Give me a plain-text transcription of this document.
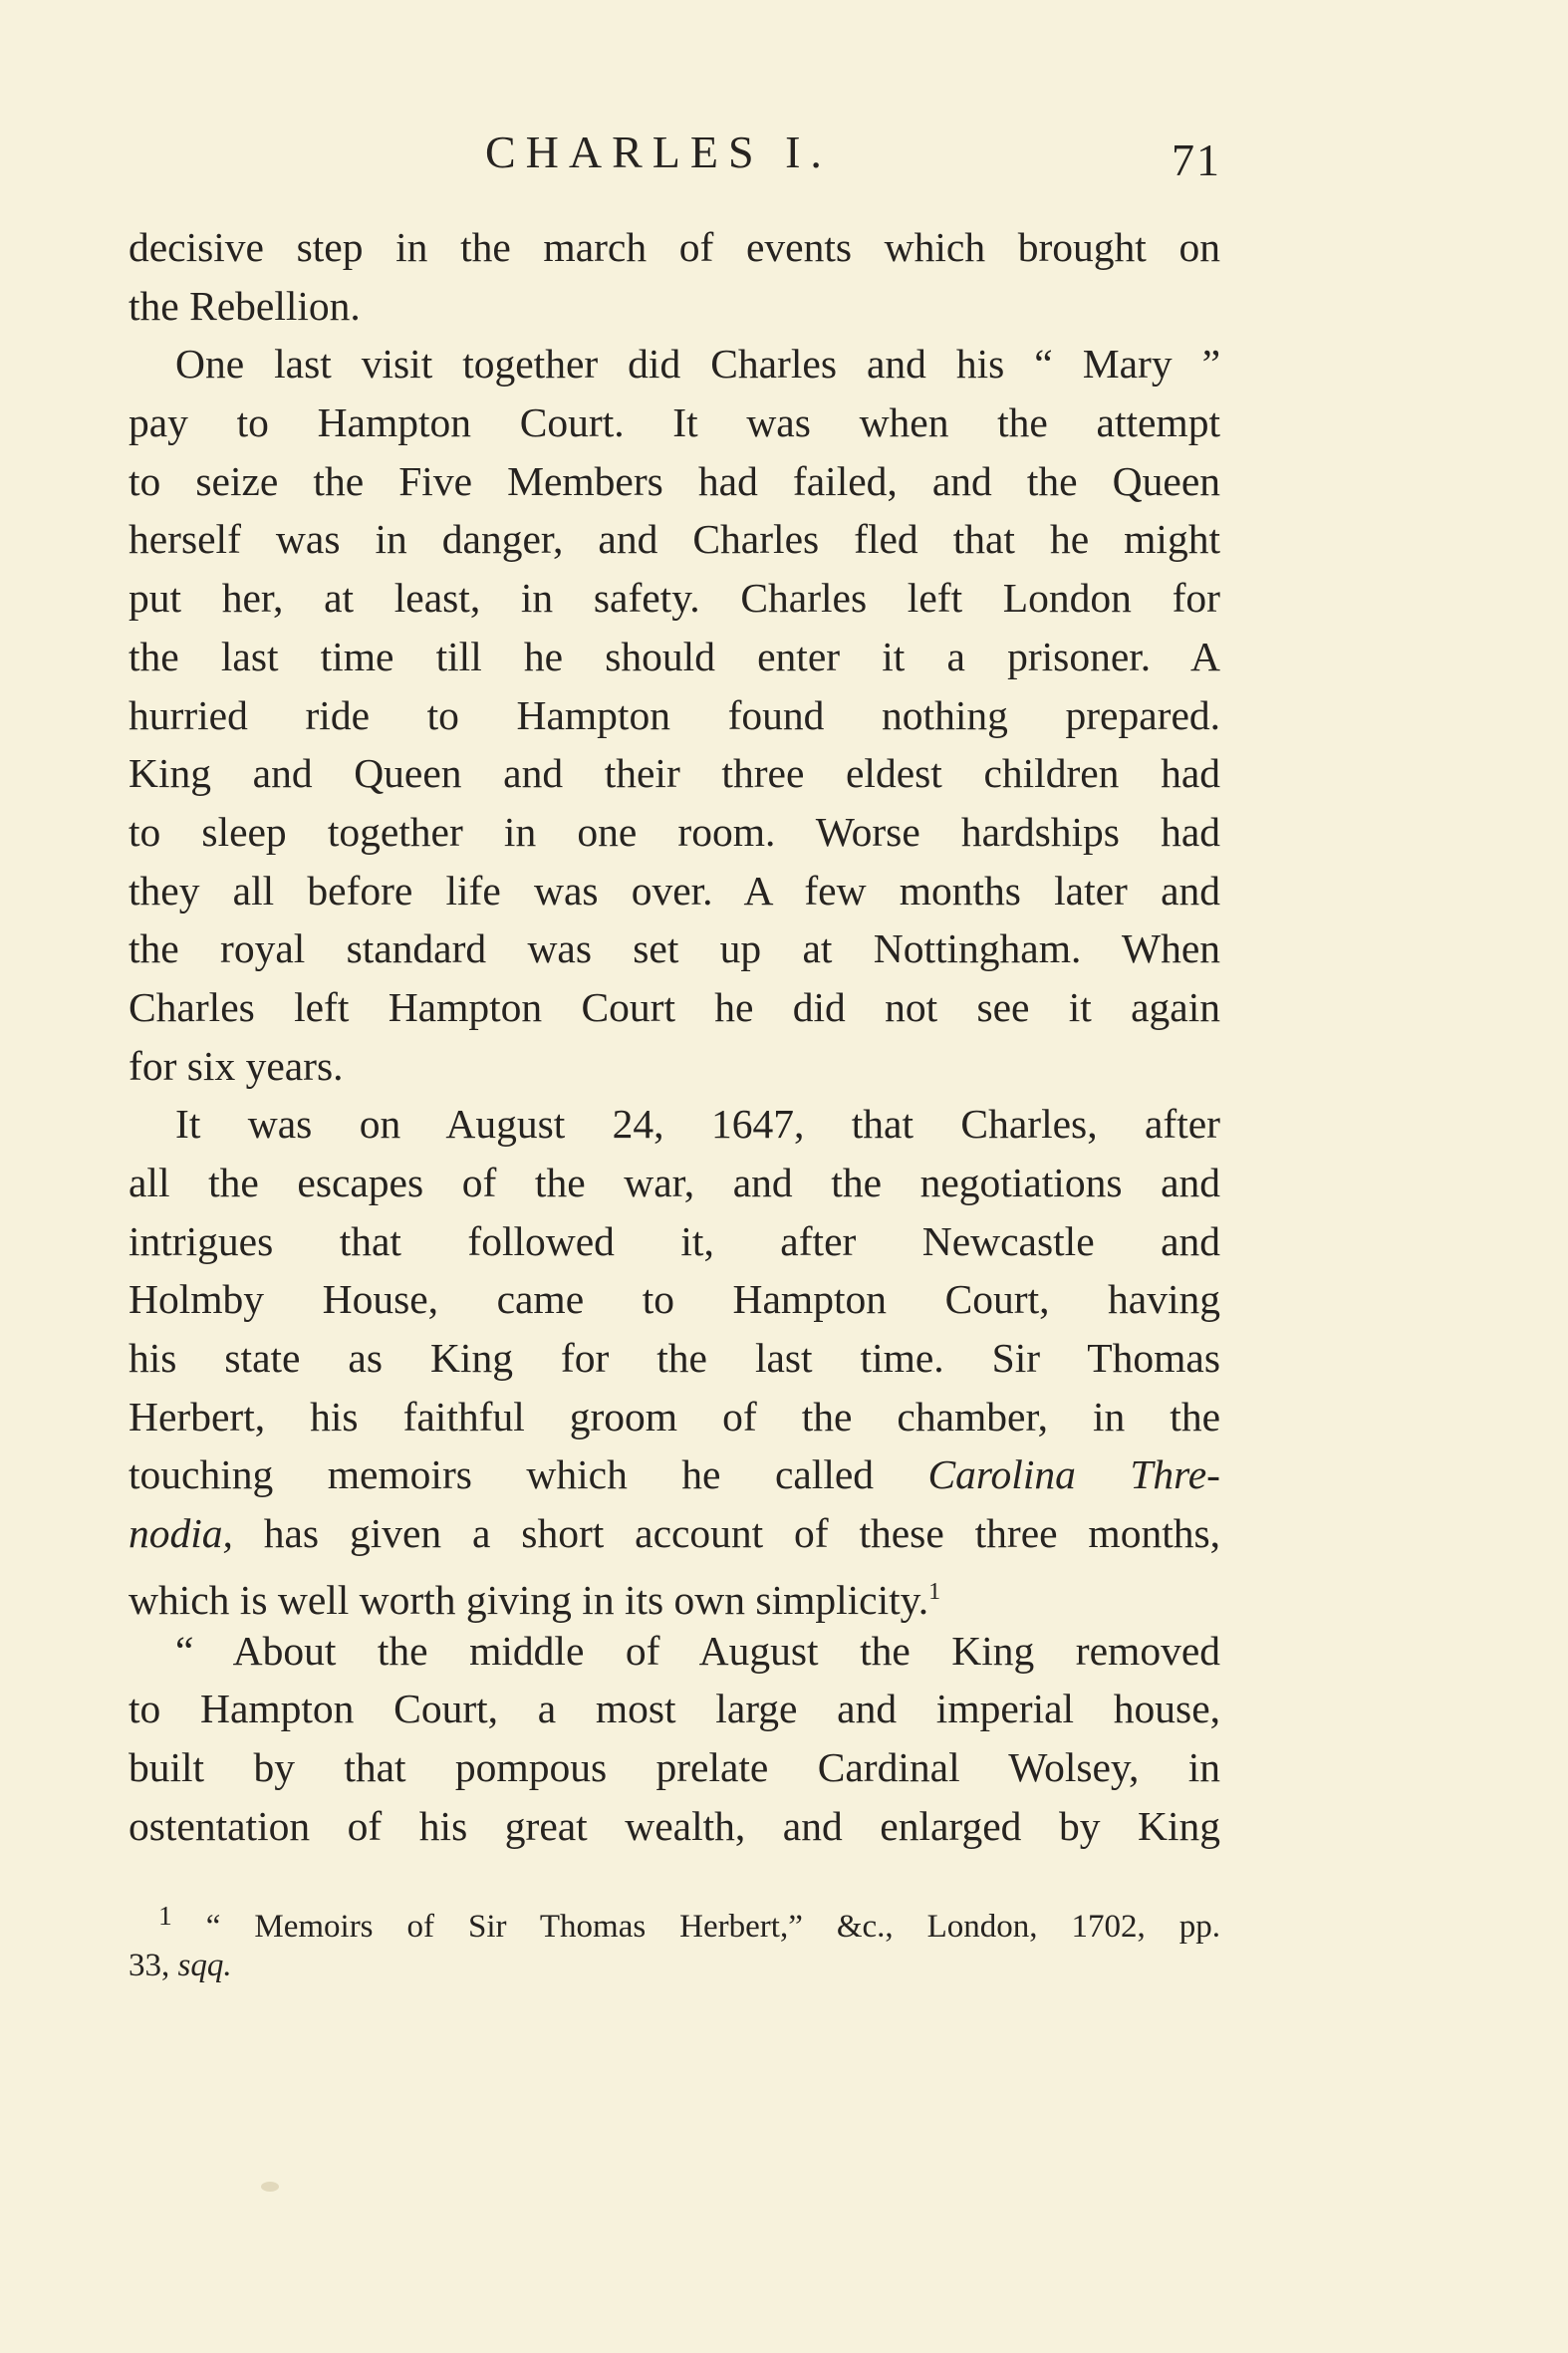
CHARLES I.	71
decisive step in the march of events which brought on
the Rebellion.
One last visit together did Charles and his “ Mary ”
pay to Hampton Court. It was when the attempt
to seize the Five Members had failed, and the Queen
herself was in danger, and Charles fled that he might
put her, at least, in safety. Charles left London for
the last time till he should enter it a prisoner. A
hurried ride to Hampton found nothing prepared.
King and Queen and their three eldest children had
to sleep together in one room. Worse hardships had
they all before life was over. A few months later and
the royal standard was set up at Nottingham. When
Charles left Hampton Court he did not see it again
for six years.
It was on August 24, 1647, that Charles, after
all the escapes of the war, and the negotiations and
intrigues that followed it, after Newcastle and
Holmby House, came to Hampton Court, having
his state as King for the last time. Sir Thomas
Herbert, his faithful groom of the chamber, in the
touching memoirs which he called Carolina Thre-
nodia, has given a short account of these three months,
which is well worth giving in its own simplicity.$^1$
“ About the middle of August the King removed
to Hampton Court, a most large and imperial house,
built by that pompous prelate Cardinal Wolsey, in
ostentation of his great wealth, and enlarged by King
$^1$ “ Memoirs of Sir Thomas Herbert,” &c., London, 1702, pp.
33, sqq.
